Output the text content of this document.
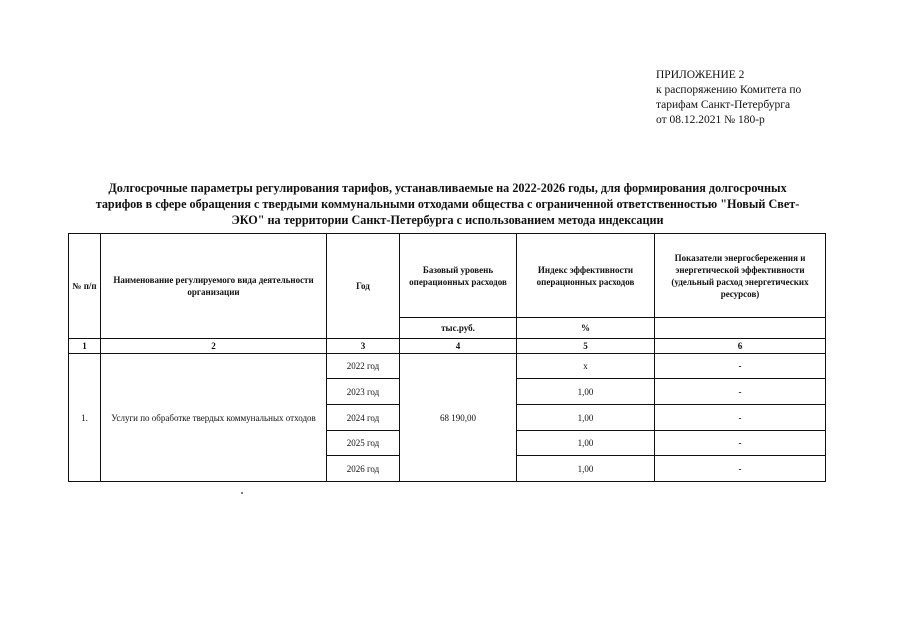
ПРИЛОЖЕНИЕ 2
к распоряжению Комитета по
тарифам Санкт-Петербурга
от 08.12.2021 № 180-р
Долгосрочные параметры регулирования тарифов, устанавливаемые на 2022-2026 годы, для формирования долгосрочных
тарифов в сфере обращения с твердыми коммунальными отходами общества с ограниченной ответственностью "Новый Свет-
ЭКО" на территории Санкт-Петербурга с использованием метода индексации
№ п/п	Наименование регулируемого вида деятельности организации	Год	Базовый уровень операционных расходов	Индекс эффективности операционных расходов	Показатели энергосбережения и энергетической эффективности (удельный расход энергетических ресурсов)
			тыс.руб.	%	
1	2	3	4	5	6
1.	Услуги по обработке твердых коммунальных отходов	2022 год	68 190,00	х	-
		2023 год		1,00	-
		2024 год		1,00	-
		2025 год		1,00	-
		2026 год		1,00	-
